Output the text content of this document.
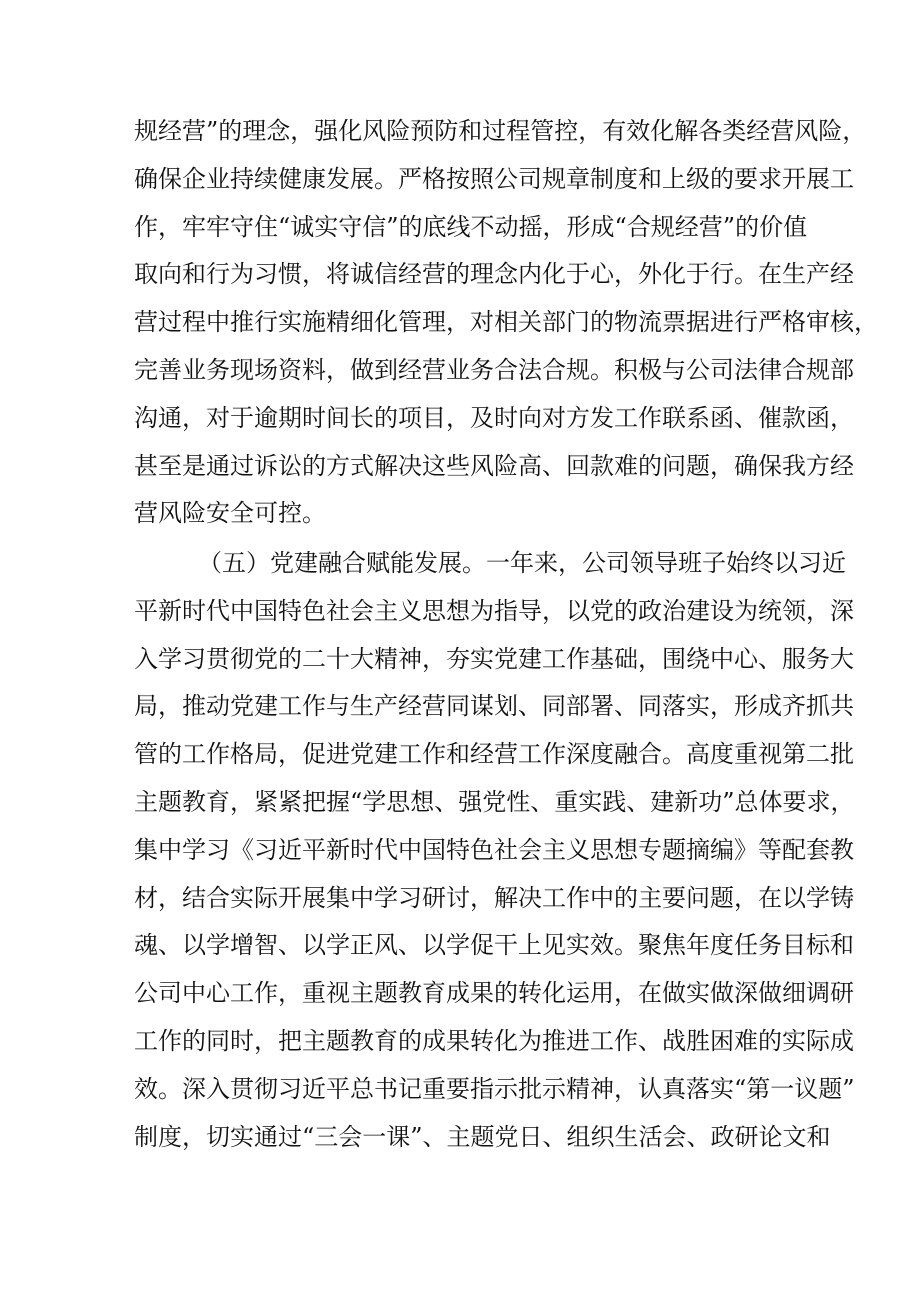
规经营”的理念，强化风险预防和过程管控，有效化解各类经营风险，
确保企业持续健康发展。严格按照公司规章制度和上级的要求开展工
作，牢牢守住“诚实守信”的底线不动摇，形成“合规经营”的价值
取向和行为习惯，将诚信经营的理念内化于心，外化于行。在生产经
营过程中推行实施精细化管理，对相关部门的物流票据进行严格审核，
完善业务现场资料，做到经营业务合法合规。积极与公司法律合规部
沟通，对于逾期时间长的项目，及时向对方发工作联系函、催款函，
甚至是通过诉讼的方式解决这些风险高、回款难的问题，确保我方经
营风险安全可控。
（五）党建融合赋能发展。一年来，公司领导班子始终以习近
平新时代中国特色社会主义思想为指导，以党的政治建设为统领，深
入学习贯彻党的二十大精神，夯实党建工作基础，围绕中心、服务大
局，推动党建工作与生产经营同谋划、同部署、同落实，形成齐抓共
管的工作格局，促进党建工作和经营工作深度融合。高度重视第二批
主题教育，紧紧把握“学思想、强党性、重实践、建新功”总体要求，
集中学习《习近平新时代中国特色社会主义思想专题摘编》等配套教
材，结合实际开展集中学习研讨，解决工作中的主要问题，在以学铸
魂、以学增智、以学正风、以学促干上见实效。聚焦年度任务目标和
公司中心工作，重视主题教育成果的转化运用，在做实做深做细调研
工作的同时，把主题教育的成果转化为推进工作、战胜困难的实际成
效。深入贯彻习近平总书记重要指示批示精神，认真落实“第一议题”
制度，切实通过“三会一课”、主题党日、组织生活会、政研论文和
